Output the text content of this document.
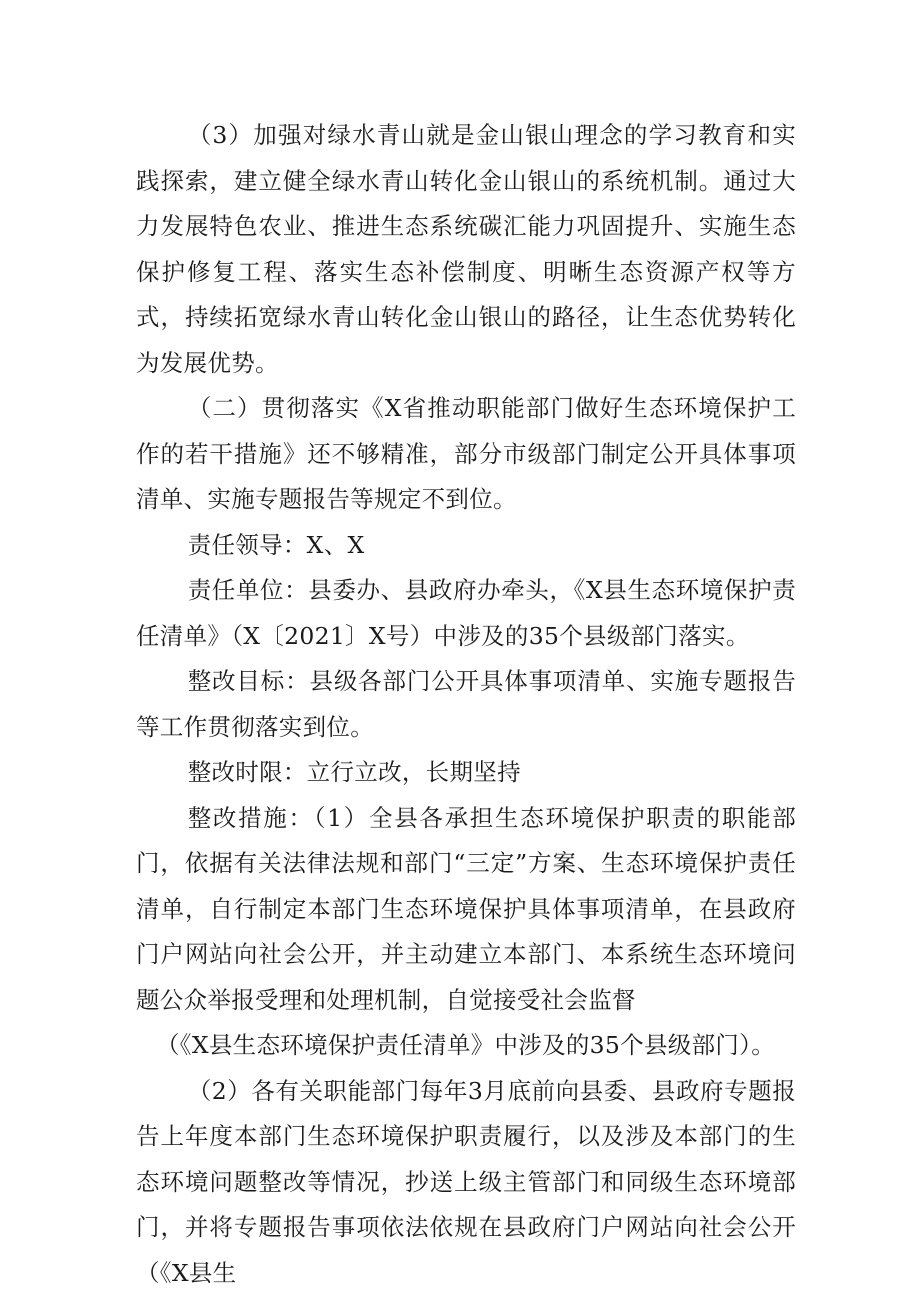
（3）加强对绿水青山就是金山银山理念的学习教育和实践探索，建立健全绿水青山转化金山银山的系统机制。通过大力发展特色农业、推进生态系统碳汇能力巩固提升、实施生态保护修复工程、落实生态补偿制度、明晰生态资源产权等方式，持续拓宽绿水青山转化金山银山的路径，让生态优势转化为发展优势。

（二）贯彻落实《X省推动职能部门做好生态环境保护工作的若干措施》还不够精准，部分市级部门制定公开具体事项清单、实施专题报告等规定不到位。

责任领导：X、X

责任单位：县委办、县政府办牵头，《X县生态环境保护责任清单》（X〔2021〕X号）中涉及的35个县级部门落实。

整改目标：县级各部门公开具体事项清单、实施专题报告等工作贯彻落实到位。

整改时限：立行立改，长期坚持

整改措施：（1）全县各承担生态环境保护职责的职能部门，依据有关法律法规和部门“三定”方案、生态环境保护责任清单，自行制定本部门生态环境保护具体事项清单，在县政府门户网站向社会公开，并主动建立本部门、本系统生态环境问题公众举报受理和处理机制，自觉接受社会监督

（《X县生态环境保护责任清单》中涉及的35个县级部门）。

（2）各有关职能部门每年3月底前向县委、县政府专题报告上年度本部门生态环境保护职责履行，以及涉及本部门的生态环境问题整改等情况，抄送上级主管部门和同级生态环境部门，并将专题报告事项依法依规在县政府门户网站向社会公开（《X县生
